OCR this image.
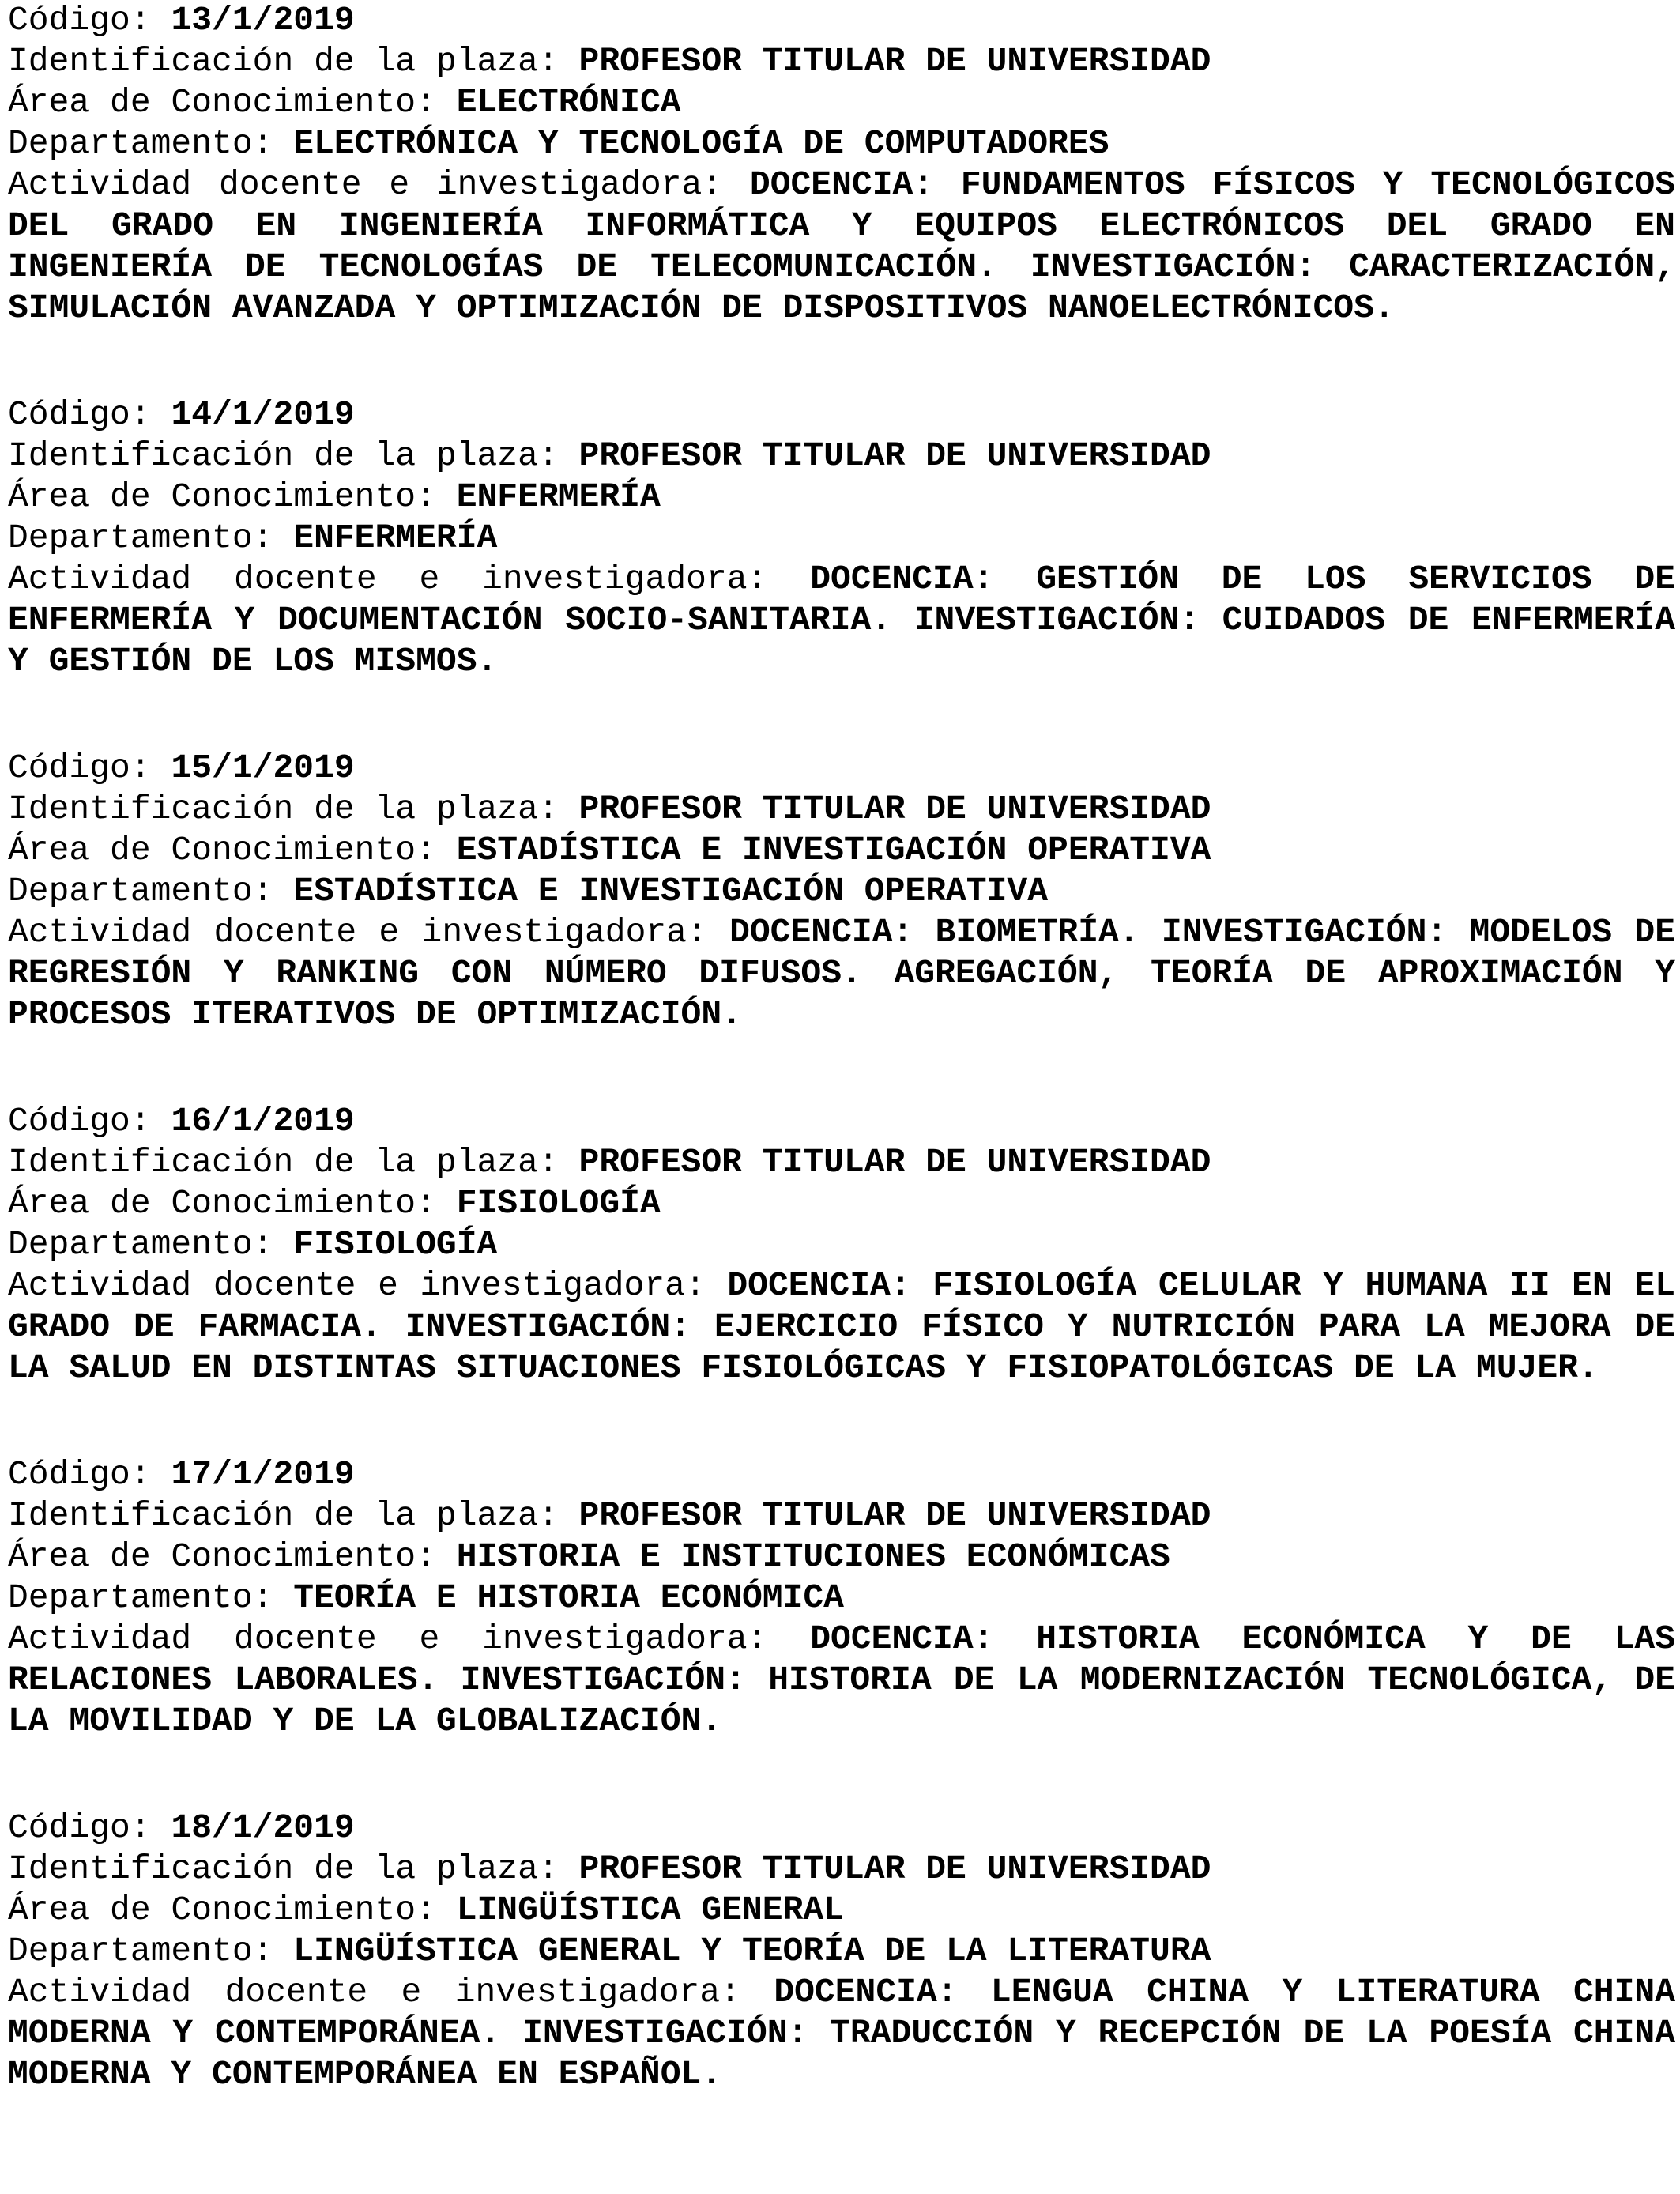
Código: 13/1/2019
Identificación de la plaza: PROFESOR TITULAR DE UNIVERSIDAD
Área de Conocimiento: ELECTRÓNICA
Departamento: ELECTRÓNICA Y TECNOLOGÍA DE COMPUTADORES
Actividad docente e investigadora: DOCENCIA: FUNDAMENTOS FÍSICOS Y TECNOLÓGICOS DEL GRADO EN INGENIERÍA INFORMÁTICA Y EQUIPOS ELECTRÓNICOS DEL GRADO EN INGENIERÍA DE TECNOLOGÍAS DE TELECOMUNICACIÓN. INVESTIGACIÓN: CARACTERIZACIÓN, SIMULACIÓN AVANZADA Y OPTIMIZACIÓN DE DISPOSITIVOS NANOELECTRÓNICOS.
Código: 14/1/2019
Identificación de la plaza: PROFESOR TITULAR DE UNIVERSIDAD
Área de Conocimiento: ENFERMERÍA
Departamento: ENFERMERÍA
Actividad docente e investigadora: DOCENCIA: GESTIÓN DE LOS SERVICIOS DE ENFERMERÍA Y DOCUMENTACIÓN SOCIO-SANITARIA. INVESTIGACIÓN: CUIDADOS DE ENFERMERÍA Y GESTIÓN DE LOS MISMOS.
Código: 15/1/2019
Identificación de la plaza: PROFESOR TITULAR DE UNIVERSIDAD
Área de Conocimiento: ESTADÍSTICA E INVESTIGACIÓN OPERATIVA
Departamento: ESTADÍSTICA E INVESTIGACIÓN OPERATIVA
Actividad docente e investigadora: DOCENCIA: BIOMETRÍA. INVESTIGACIÓN: MODELOS DE REGRESIÓN Y RANKING CON NÚMERO DIFUSOS. AGREGACIÓN, TEORÍA DE APROXIMACIÓN Y PROCESOS ITERATIVOS DE OPTIMIZACIÓN.
Código: 16/1/2019
Identificación de la plaza: PROFESOR TITULAR DE UNIVERSIDAD
Área de Conocimiento: FISIOLOGÍA
Departamento: FISIOLOGÍA
Actividad docente e investigadora: DOCENCIA: FISIOLOGÍA CELULAR Y HUMANA II EN EL GRADO DE FARMACIA. INVESTIGACIÓN: EJERCICIO FÍSICO Y NUTRICIÓN PARA LA MEJORA DE LA SALUD EN DISTINTAS SITUACIONES FISIOLÓGICAS Y FISIOPATOLÓGICAS DE LA MUJER.
Código: 17/1/2019
Identificación de la plaza: PROFESOR TITULAR DE UNIVERSIDAD
Área de Conocimiento: HISTORIA E INSTITUCIONES ECONÓMICAS
Departamento: TEORÍA E HISTORIA ECONÓMICA
Actividad docente e investigadora: DOCENCIA: HISTORIA ECONÓMICA Y DE LAS RELACIONES LABORALES. INVESTIGACIÓN: HISTORIA DE LA MODERNIZACIÓN TECNOLÓGICA, DE LA MOVILIDAD Y DE LA GLOBALIZACIÓN.
Código: 18/1/2019
Identificación de la plaza: PROFESOR TITULAR DE UNIVERSIDAD
Área de Conocimiento: LINGÜÍSTICA GENERAL
Departamento: LINGÜÍSTICA GENERAL Y TEORÍA DE LA LITERATURA
Actividad docente e investigadora: DOCENCIA: LENGUA CHINA Y LITERATURA CHINA MODERNA Y CONTEMPORÁNEA. INVESTIGACIÓN: TRADUCCIÓN Y RECEPCIÓN DE LA POESÍA CHINA MODERNA Y CONTEMPORÁNEA EN ESPAÑOL.
